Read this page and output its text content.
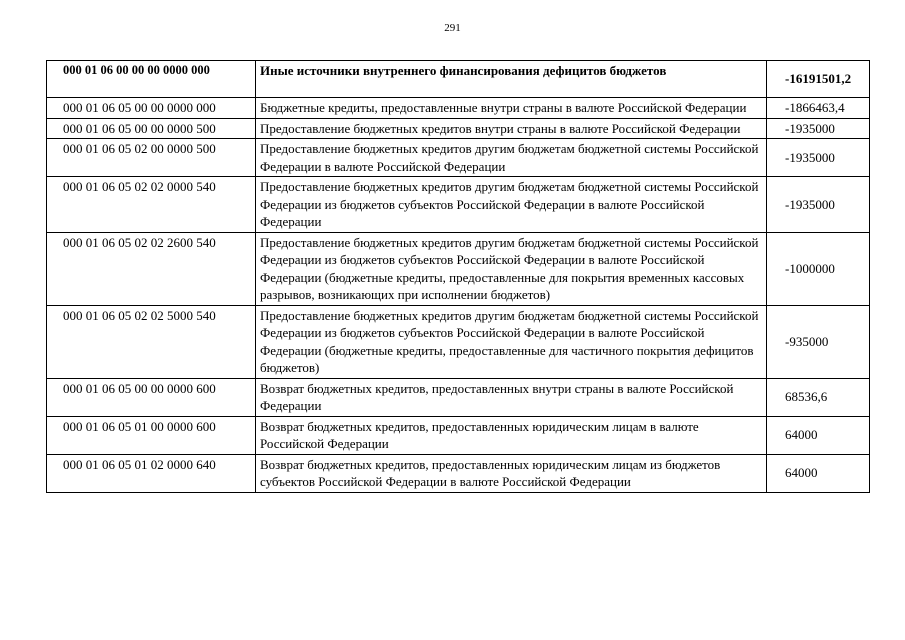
291
000 01 06 00 00 00 0000 000	Иные источники внутреннего финансирования дефицитов бюджетов	-16191501,2
000 01 06 05 00 00 0000 000	Бюджетные кредиты, предоставленные внутри страны в валюте Российской Федерации	-1866463,4
000 01 06 05 00 00 0000 500	Предоставление бюджетных кредитов внутри страны в валюте Российской Федерации	-1935000
000 01 06 05 02 00 0000 500	Предоставление бюджетных кредитов другим бюджетам бюджетной системы Российской Федерации в валюте Российской Федерации	-1935000
000 01 06 05 02 02 0000 540	Предоставление бюджетных кредитов другим бюджетам бюджетной системы Российской Федерации из бюджетов субъектов Российской Федерации в валюте Российской Федерации	-1935000
000 01 06 05 02 02 2600 540	Предоставление бюджетных кредитов другим бюджетам бюджетной системы Российской Федерации из бюджетов субъектов Российской Федерации в валюте Российской Федерации (бюджетные кредиты, предоставленные для покрытия временных кассовых разрывов, возникающих при исполнении бюджетов)	-1000000
000 01 06 05 02 02 5000 540	Предоставление бюджетных кредитов другим бюджетам бюджетной системы Российской Федерации из бюджетов субъектов Российской Федерации в валюте Российской Федерации (бюджетные кредиты, предоставленные для частичного покрытия дефицитов бюджетов)	-935000
000 01 06 05 00 00 0000 600	Возврат бюджетных кредитов, предоставленных внутри страны в валюте Российской Федерации	68536,6
000 01 06 05 01 00 0000 600	Возврат бюджетных кредитов, предоставленных юридическим лицам в валюте Российской Федерации	64000
000 01 06 05 01 02 0000 640	Возврат бюджетных кредитов, предоставленных юридическим лицам из бюджетов субъектов Российской Федерации в валюте Российской Федерации	64000
